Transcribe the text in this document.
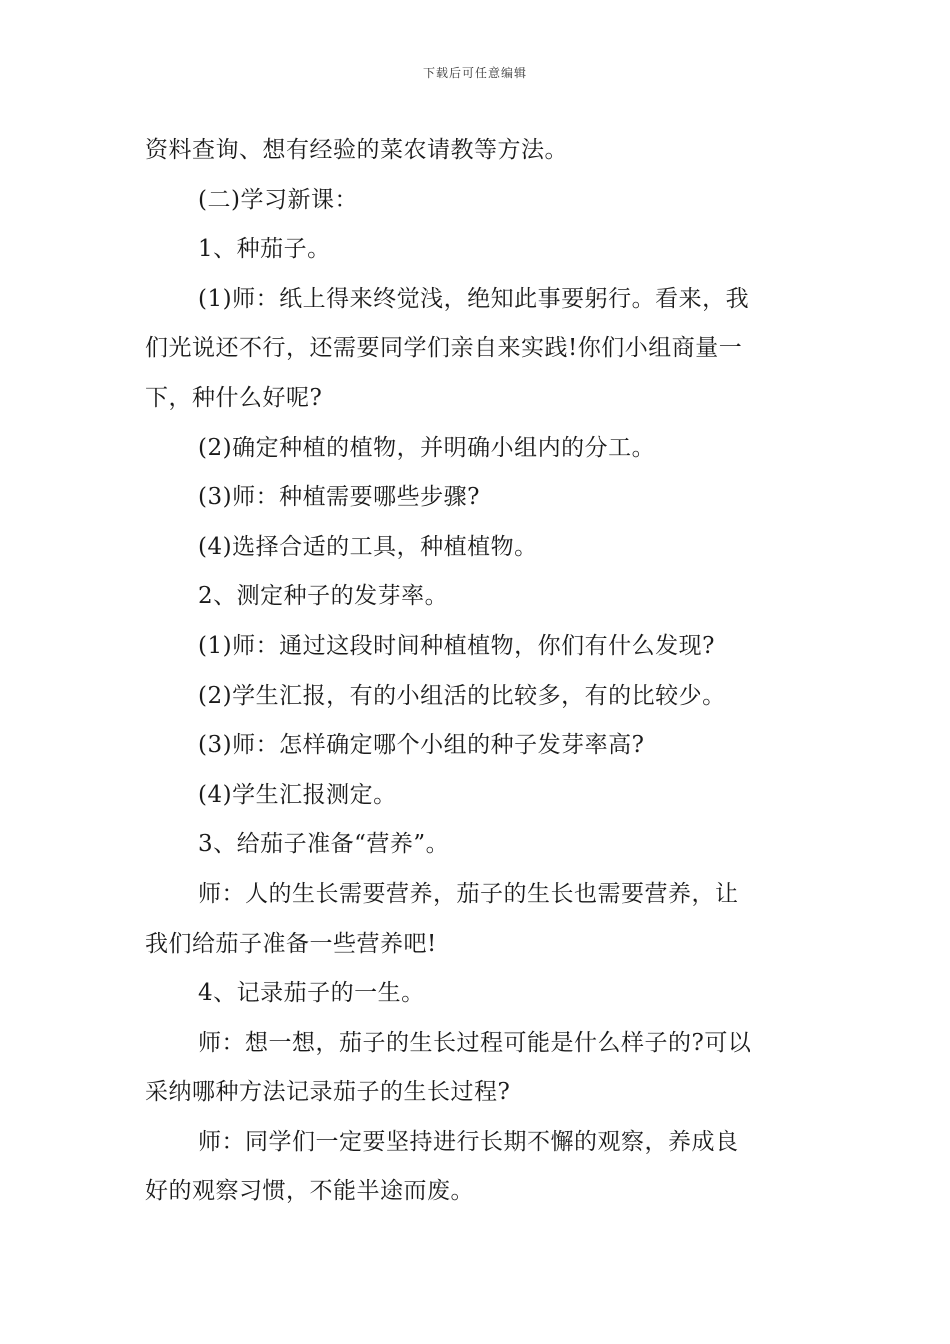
下载后可任意编辑
资料查询、想有经验的菜农请教等方法。
(二)学习新课：
1、种茄子。
(1)师：纸上得来终觉浅，绝知此事要躬行。看来，我
们光说还不行，还需要同学们亲自来实践!你们小组商量一
下，种什么好呢?
(2)确定种植的植物，并明确小组内的分工。
(3)师：种植需要哪些步骤?
(4)选择合适的工具，种植植物。
2、测定种子的发芽率。
(1)师：通过这段时间种植植物，你们有什么发现?
(2)学生汇报，有的小组活的比较多，有的比较少。
(3)师：怎样确定哪个小组的种子发芽率高?
(4)学生汇报测定。
3、给茄子准备“营养”。
师：人的生长需要营养，茄子的生长也需要营养，让
我们给茄子准备一些营养吧!
4、记录茄子的一生。
师：想一想，茄子的生长过程可能是什么样子的?可以
采纳哪种方法记录茄子的生长过程?
师：同学们一定要坚持进行长期不懈的观察，养成良
好的观察习惯，不能半途而废。
